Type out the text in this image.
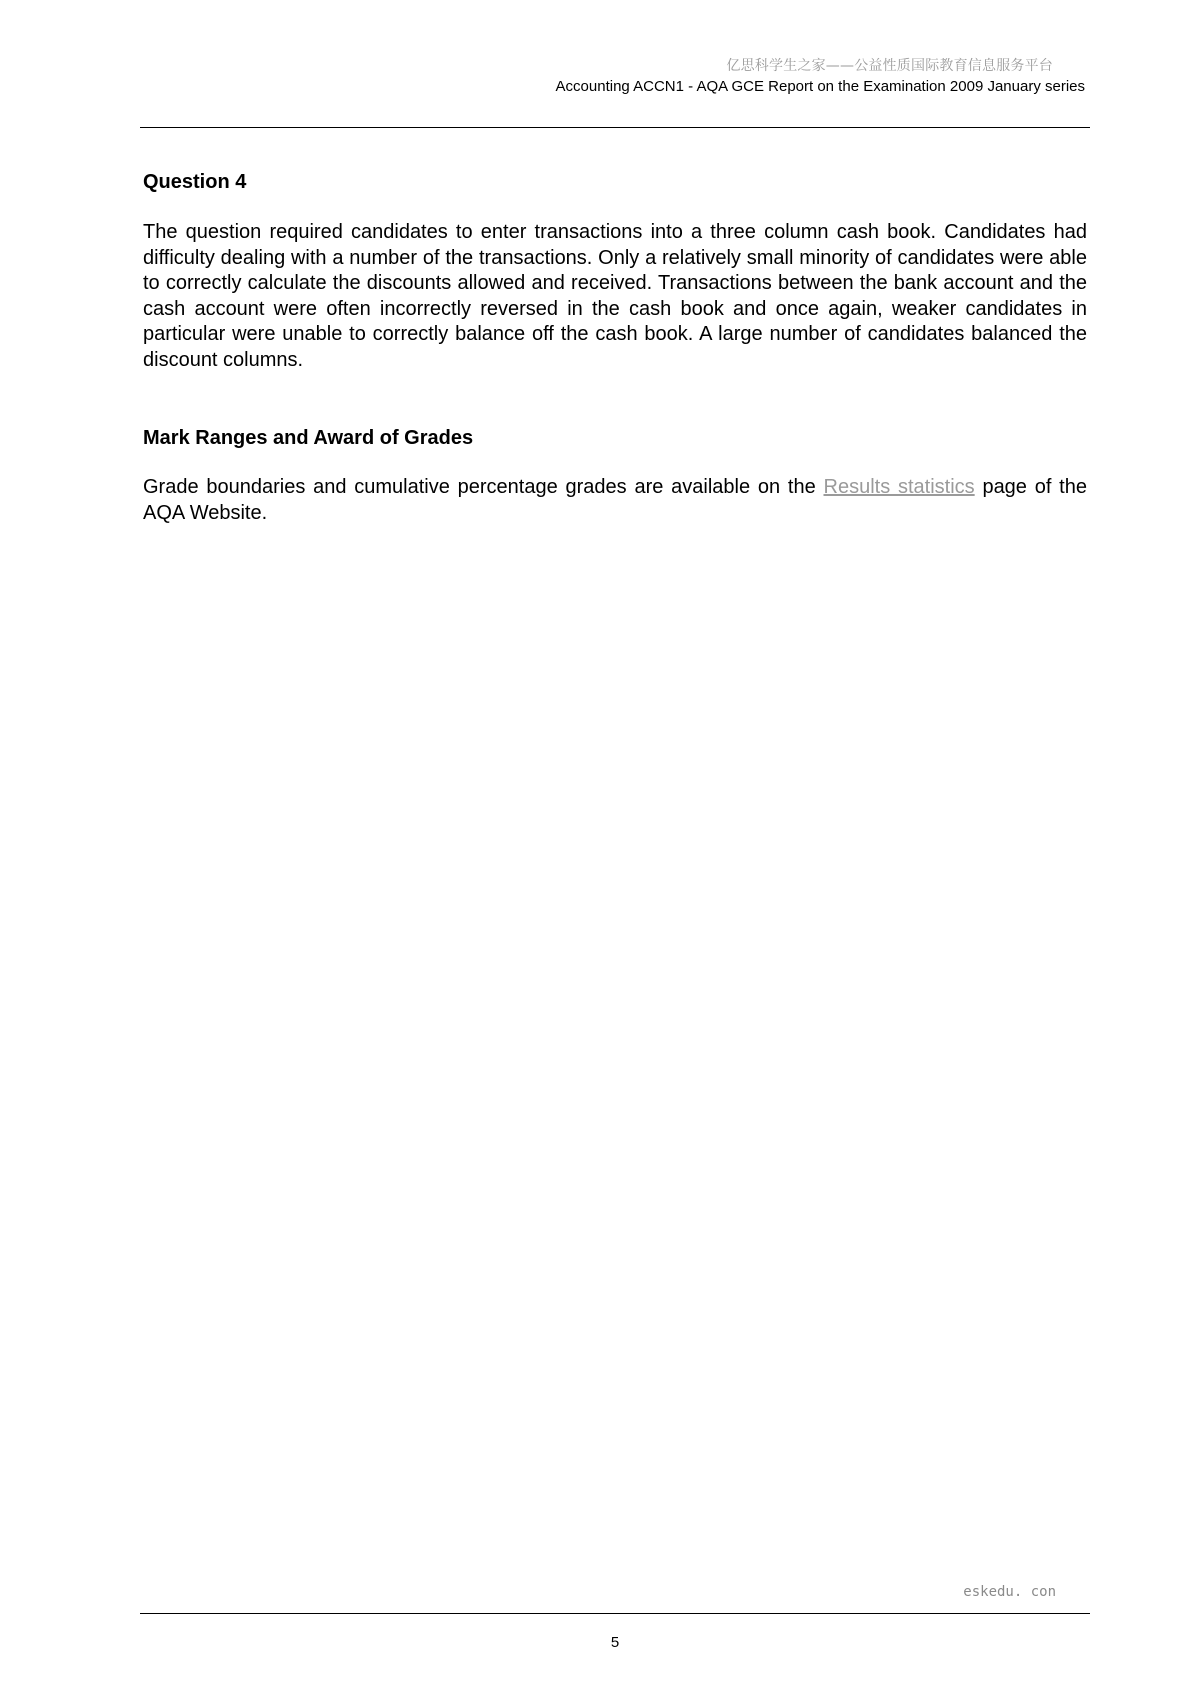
亿思科学生之家——公益性质国际教育信息服务平台
Accounting ACCN1 - AQA GCE Report on the Examination 2009 January series
Question 4

The question required candidates to enter transactions into a three column cash book. Candidates had difficulty dealing with a number of the transactions. Only a relatively small minority of candidates were able to correctly calculate the discounts allowed and received. Transactions between the bank account and the cash account were often incorrectly reversed in the cash book and once again, weaker candidates in particular were unable to correctly balance off the cash book. A large number of candidates balanced the discount columns.

Mark Ranges and Award of Grades

Grade boundaries and cumulative percentage grades are available on the Results statistics page of the AQA Website.

eskedu. con
5
